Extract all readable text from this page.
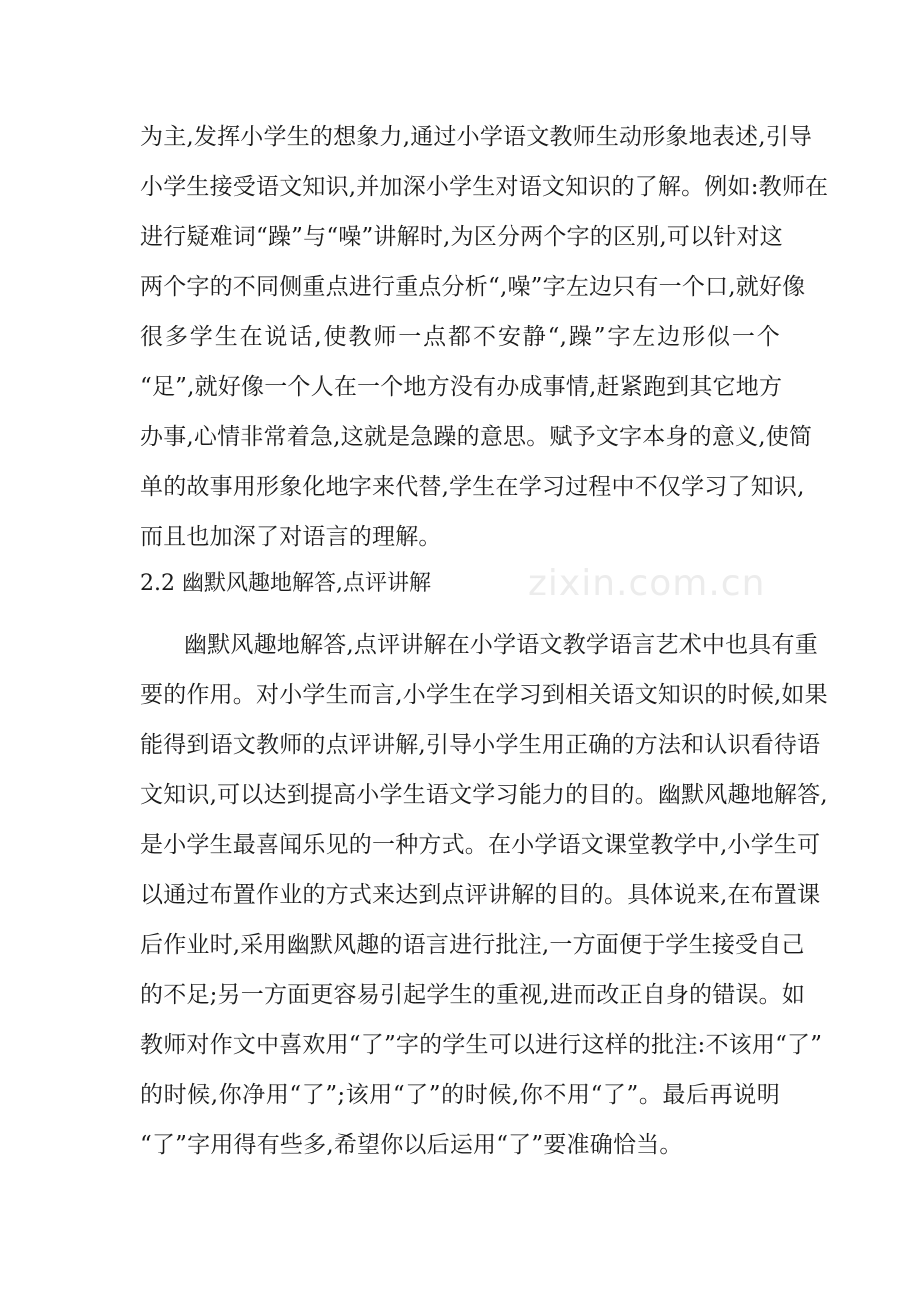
为主,发挥小学生的想象力,通过小学语文教师生动形象地表述,引导
小学生接受语文知识,并加深小学生对语文知识的了解。例如:教师在
进行疑难词“躁”与“噪”讲解时,为区分两个字的区别,可以针对这
两个字的不同侧重点进行重点分析“,噪”字左边只有一个口,就好像
很多学生在说话,使教师一点都不安静“,躁”字左边形似一个
“足”,就好像一个人在一个地方没有办成事情,赶紧跑到其它地方
办事,心情非常着急,这就是急躁的意思。赋予文字本身的意义,使简
单的故事用形象化地字来代替,学生在学习过程中不仅学习了知识,
而且也加深了对语言的理解。
2.2 幽默风趣地解答,点评讲解	zixin.com.cn
幽默风趣地解答,点评讲解在小学语文教学语言艺术中也具有重
要的作用。对小学生而言,小学生在学习到相关语文知识的时候,如果
能得到语文教师的点评讲解,引导小学生用正确的方法和认识看待语
文知识,可以达到提高小学生语文学习能力的目的。幽默风趣地解答,
是小学生最喜闻乐见的一种方式。在小学语文课堂教学中,小学生可
以通过布置作业的方式来达到点评讲解的目的。具体说来,在布置课
后作业时,采用幽默风趣的语言进行批注,一方面便于学生接受自己
的不足;另一方面更容易引起学生的重视,进而改正自身的错误。如
教师对作文中喜欢用“了”字的学生可以进行这样的批注:不该用“了”
的时候,你净用“了”;该用“了”的时候,你不用“了”。最后再说明
“了”字用得有些多,希望你以后运用“了”要准确恰当。
